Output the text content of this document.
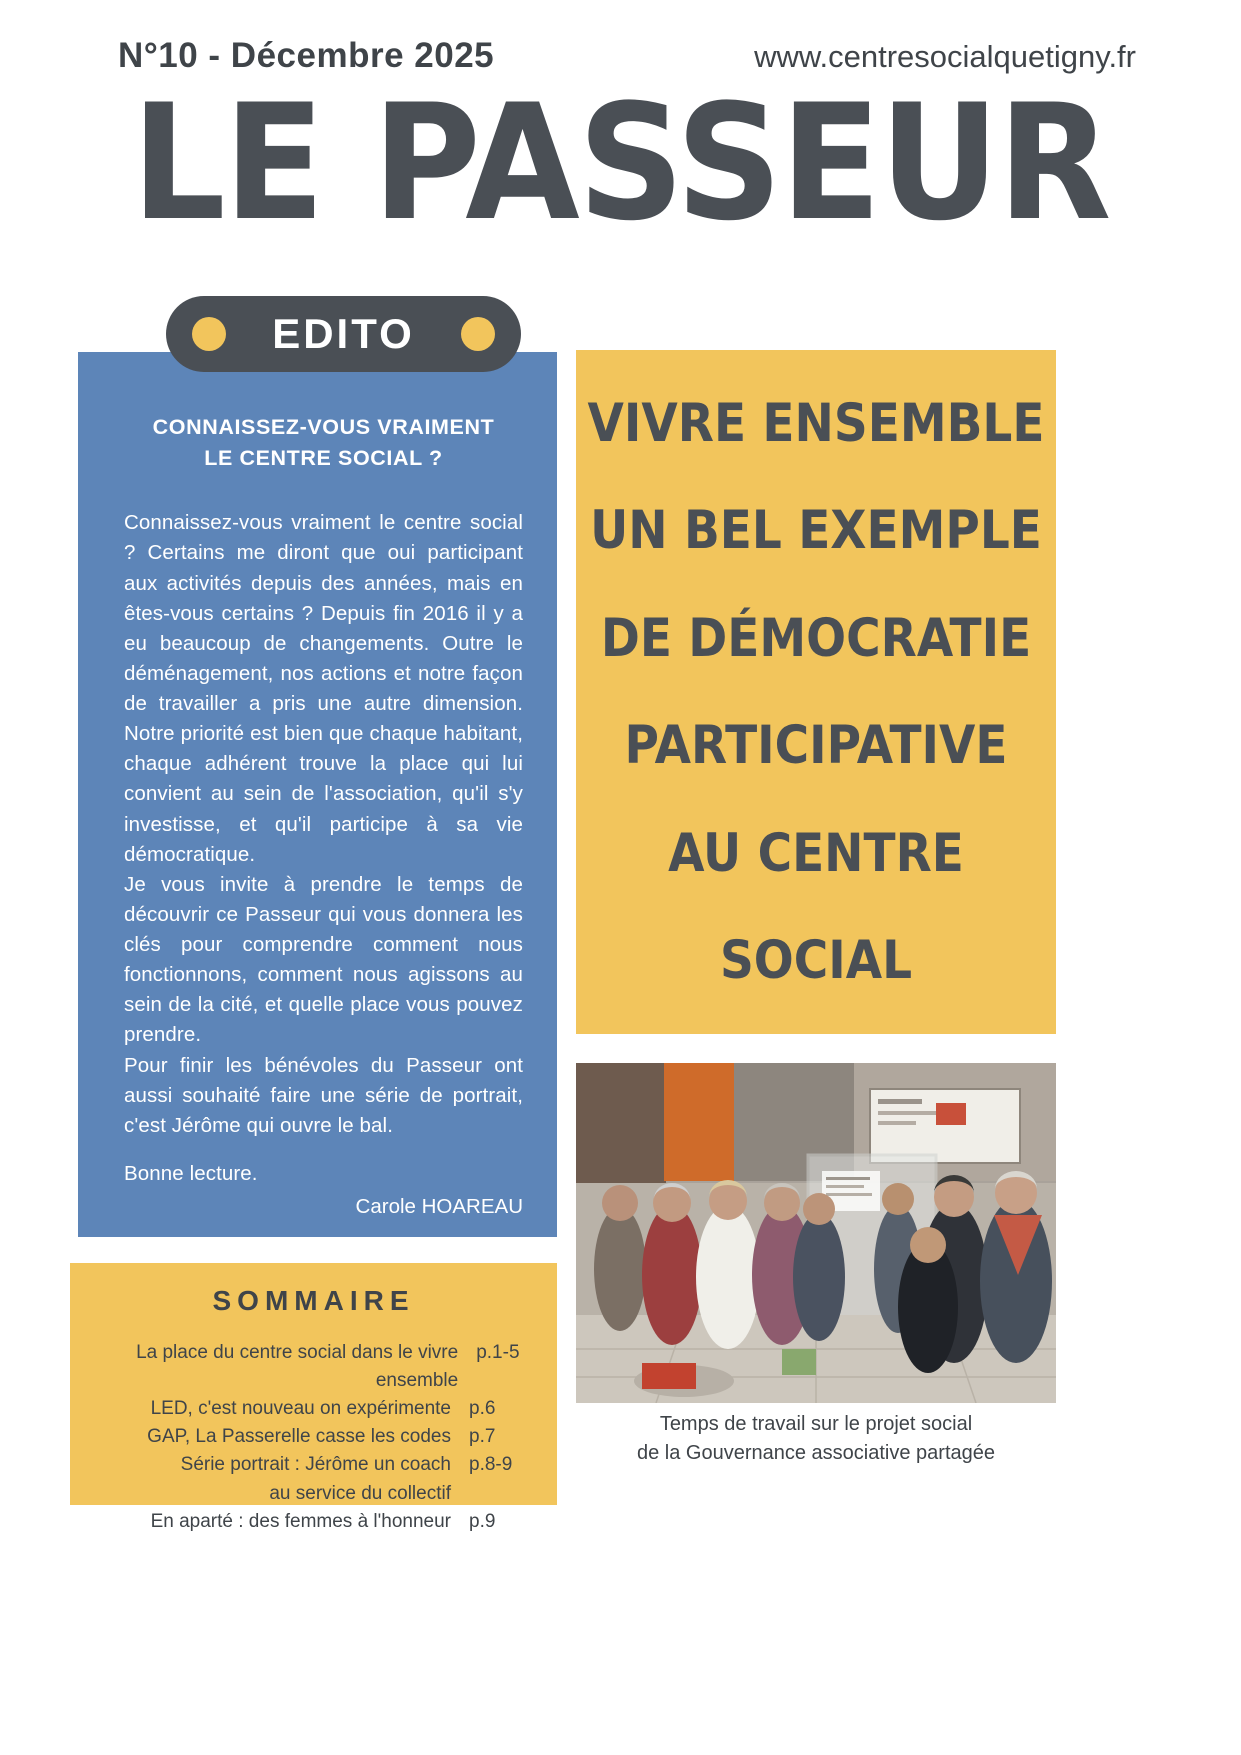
N°10 - Décembre 2025	www.centresocialquetigny.fr
LE PASSEUR
EDITO
CONNAISSEZ-VOUS VRAIMENT
LE CENTRE SOCIAL ?

Connaissez-vous vraiment le centre social ? Certains me diront que oui participant aux activités depuis des années, mais en êtes-vous certains ? Depuis fin 2016 il y a eu beaucoup de changements. Outre le déménagement, nos actions et notre façon de travailler a pris une autre dimension. Notre priorité est bien que chaque habitant, chaque adhérent trouve la place qui lui convient au sein de l'association, qu'il s'y investisse, et qu'il participe à sa vie démocratique.

Je vous invite à prendre le temps de découvrir ce Passeur qui vous donnera les clés pour comprendre comment nous fonctionnons, comment nous agissons au sein de la cité, et quelle place vous pouvez prendre.

Pour finir les bénévoles du Passeur ont aussi souhaité faire une série de portrait, c'est Jérôme qui ouvre le bal.

Bonne lecture.

Carole HOAREAU
VIVRE ENSEMBLE
UN BEL EXEMPLE
DE DÉMOCRATIE
PARTICIPATIVE
AU CENTRE
SOCIAL
Temps de travail sur le projet social
de la Gouvernance associative partagée
SOMMAIRE
La place du centre social dans le vivre ensemble
p.1-5
LED, c'est nouveau on expérimente p.6
GAP, La Passerelle casse les codes p.7
Série portrait : Jérôme un coach p.8-9
au service du collectif
En aparté : des femmes à l'honneur p.9
